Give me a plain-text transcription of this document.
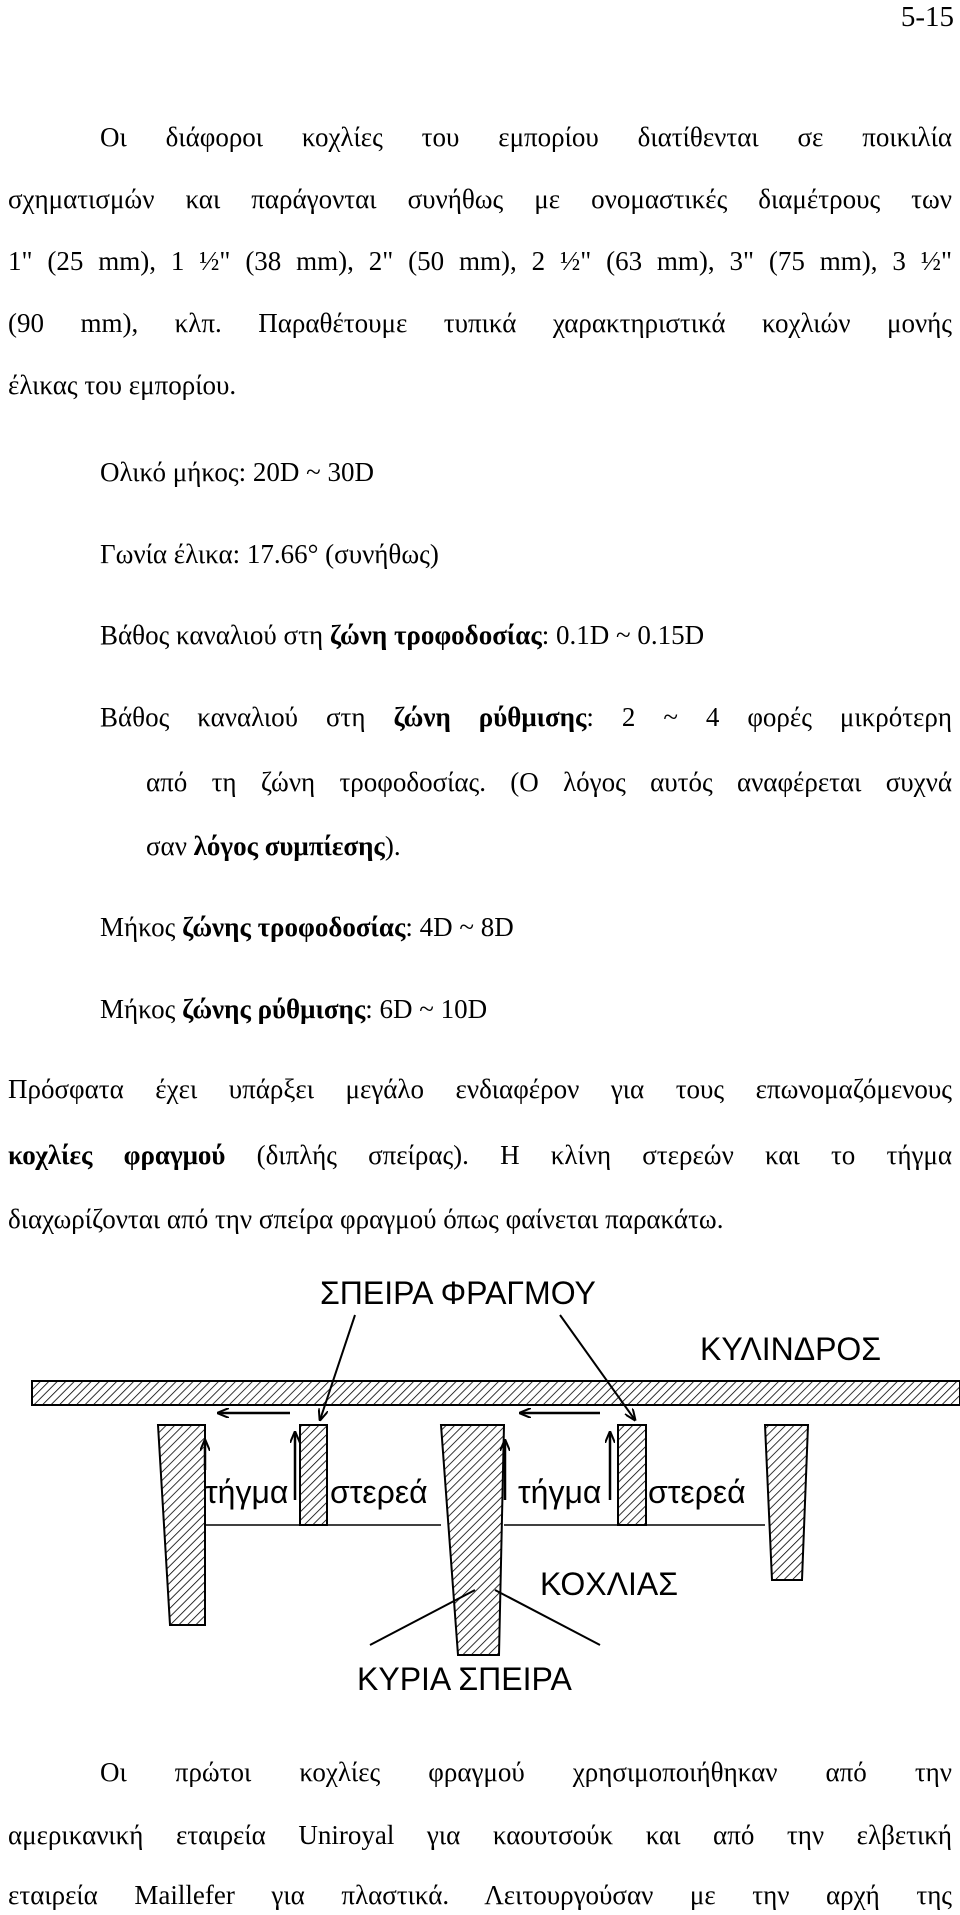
5-15
Οι διάφοροι κοχλίες του εμπορίου διατίθενται σε ποικιλία
σχηματισμών και παράγονται συνήθως με ονομαστικές διαμέτρους των
1" (25 mm), 1 ½" (38 mm), 2" (50 mm), 2 ½" (63 mm), 3" (75 mm), 3 ½"
(90 mm), κλπ. Παραθέτουμε τυπικά χαρακτηριστικά κοχλιών μονής
έλικας του εμπορίου.
Ολικό μήκος: 20D ~ 30D
Γωνία έλικα: 17.66° (συνήθως)
Βάθος καναλιού στη ζώνη τροφοδοσίας: 0.1D ~ 0.15D
Βάθος καναλιού στη ζώνη ρύθμισης: 2 ~ 4 φορές μικρότερη
από τη ζώνη τροφοδοσίας. (Ο λόγος αυτός αναφέρεται συχνά
σαν λόγος συμπίεσης).
Μήκος ζώνης τροφοδοσίας: 4D ~ 8D
Μήκος ζώνης ρύθμισης: 6D ~ 10D
Πρόσφατα έχει υπάρξει μεγάλο ενδιαφέρον για τους επωνομαζόμενους
κοχλίες φραγμού (διπλής σπείρας). Η κλίνη στερεών και το τήγμα
διαχωρίζονται από την σπείρα φραγμού όπως φαίνεται παρακάτω.
ΣΠΕΙΡΑ ΦΡΑΓΜΟΥ
ΚΥΛΙΝΔΡΟΣ
τήγμα στερεά	τήγμα στερεά
ΚΟΧΛΙΑΣ
ΚΥΡΙΑ ΣΠΕΙΡΑ
Οι πρώτοι κοχλίες φραγμού χρησιμοποιήθηκαν από την
αμερικανική εταιρεία Uniroyal για καουτσούκ και από την ελβετική
εταιρεία Maillefer για πλαστικά. Λειτουργούσαν με την αρχή της
